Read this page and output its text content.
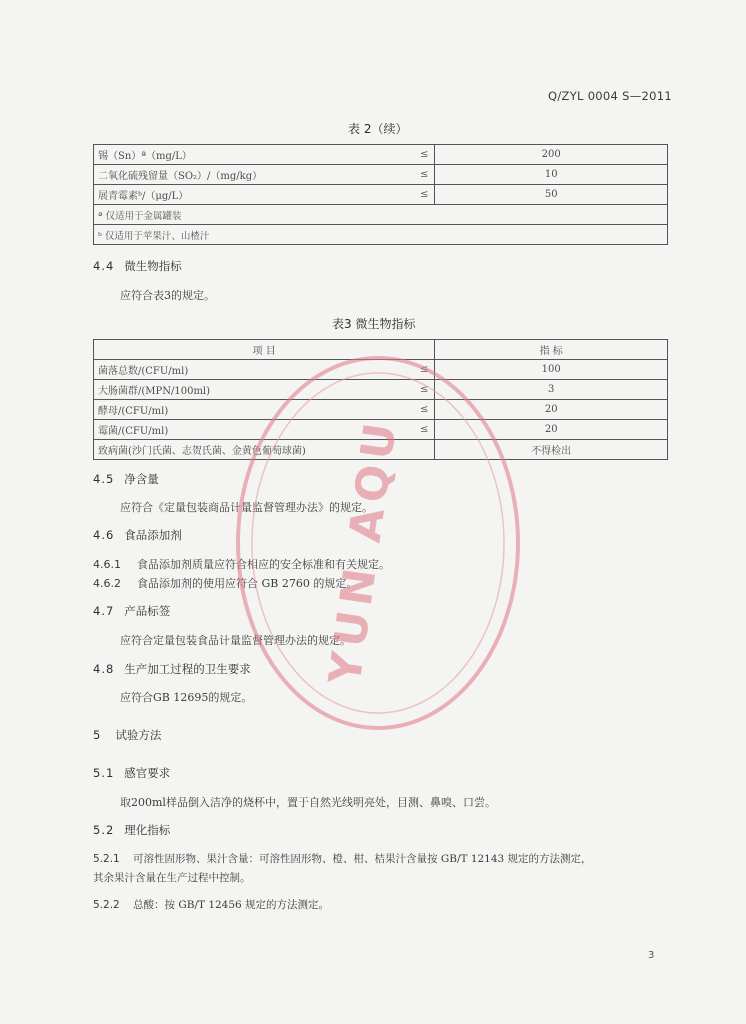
Q/ZYL 0004 S—2011
表 2（续）
锡（Sn）ª（mg/L）	≤	200
二氧化硫残留量（SO₂）/（mg/kg）	≤	10
展青霉素ᵇ/（μg/L）	≤	50
ª 仅适用于金属罐装		
ᵇ 仅适用于苹果汁、山楂汁		
4.4 微生物指标
应符合表3的规定。
表3 微生物指标
项 目		指 标
菌落总数/(CFU/ml)	≤	100
大肠菌群/(MPN/100ml)	≤	3
酵母/(CFU/ml)	≤	20
霉菌/(CFU/ml)	≤	20
致病菌(沙门氏菌、志贺氏菌、金黄色葡萄球菌)		不得检出
4.5 净含量
应符合《定量包装商品计量监督管理办法》的规定。
4.6 食品添加剂
4.6.1 食品添加剂质量应符合相应的安全标准和有关规定。
4.6.2 食品添加剂的使用应符合 GB 2760 的规定。
4.7 产品标签
应符合定量包装食品计量监督管理办法的规定。
4.8 生产加工过程的卫生要求
应符合GB 12695的规定。
5 试验方法
5.1 感官要求
取200ml样品倒入洁净的烧杯中，置于自然光线明亮处，目测、鼻嗅、口尝。
5.2 理化指标
5.2.1 可溶性固形物、果汁含量：可溶性固形物、橙、柑、桔果汁含量按 GB/T 12143 规定的方法测定，
其余果汁含量在生产过程中控制。
5.2.2 总酸：按 GB/T 12456 规定的方法测定。
3
YUN AQU
